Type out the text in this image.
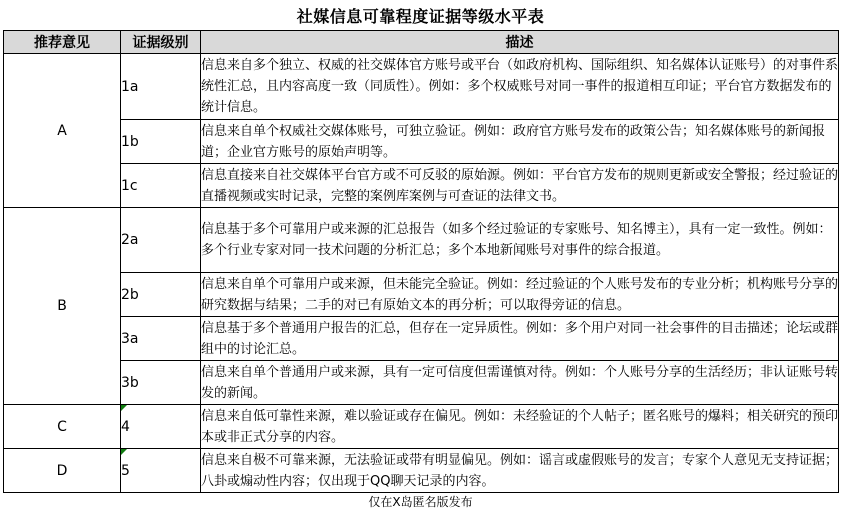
社媒信息可靠程度证据等级水平表
推荐意见	证据级别	描述
A	1a	信息来自多个独立、权威的社交媒体官方账号或平台（如政府机构、国际组织、知名媒体认证账号）的对事件系统性汇总，且内容高度一致（同质性）。例如：多个权威账号对同一事件的报道相互印证；平台官方数据发布的统计信息。
	1b	信息来自单个权威社交媒体账号，可独立验证。例如：政府官方账号发布的政策公告；知名媒体账号的新闻报道；企业官方账号的原始声明等。
	1c	信息直接来自社交媒体平台官方或不可反驳的原始源。例如：平台官方发布的规则更新或安全警报；经过验证的直播视频或实时记录，完整的案例库案例与可查证的法律文书。
B	2a	信息基于多个可靠用户或来源的汇总报告（如多个经过验证的专家账号、知名博主），具有一定一致性。例如：多个行业专家对同一技术问题的分析汇总；多个本地新闻账号对事件的综合报道。
	2b	信息来自单个可靠用户或来源，但未能完全验证。例如：经过验证的个人账号发布的专业分析；机构账号分享的研究数据与结果；二手的对已有原始文本的再分析；可以取得旁证的信息。
	3a	信息基于多个普通用户报告的汇总，但存在一定异质性。例如：多个用户对同一社会事件的目击描述；论坛或群组中的讨论汇总。
	3b	信息来自单个普通用户或来源，具有一定可信度但需谨慎对待。例如：个人账号分享的生活经历；非认证账号转发的新闻。
C	4	信息来自低可靠性来源，难以验证或存在偏见。例如：未经验证的个人帖子；匿名账号的爆料；相关研究的预印本或非正式分享的内容。
D	5	信息来自极不可靠来源，无法验证或带有明显偏见。例如：谣言或虚假账号的发言；专家个人意见无支持证据；八卦或煽动性内容；仅出现于QQ聊天记录的内容。
仅在X岛匿名版发布
